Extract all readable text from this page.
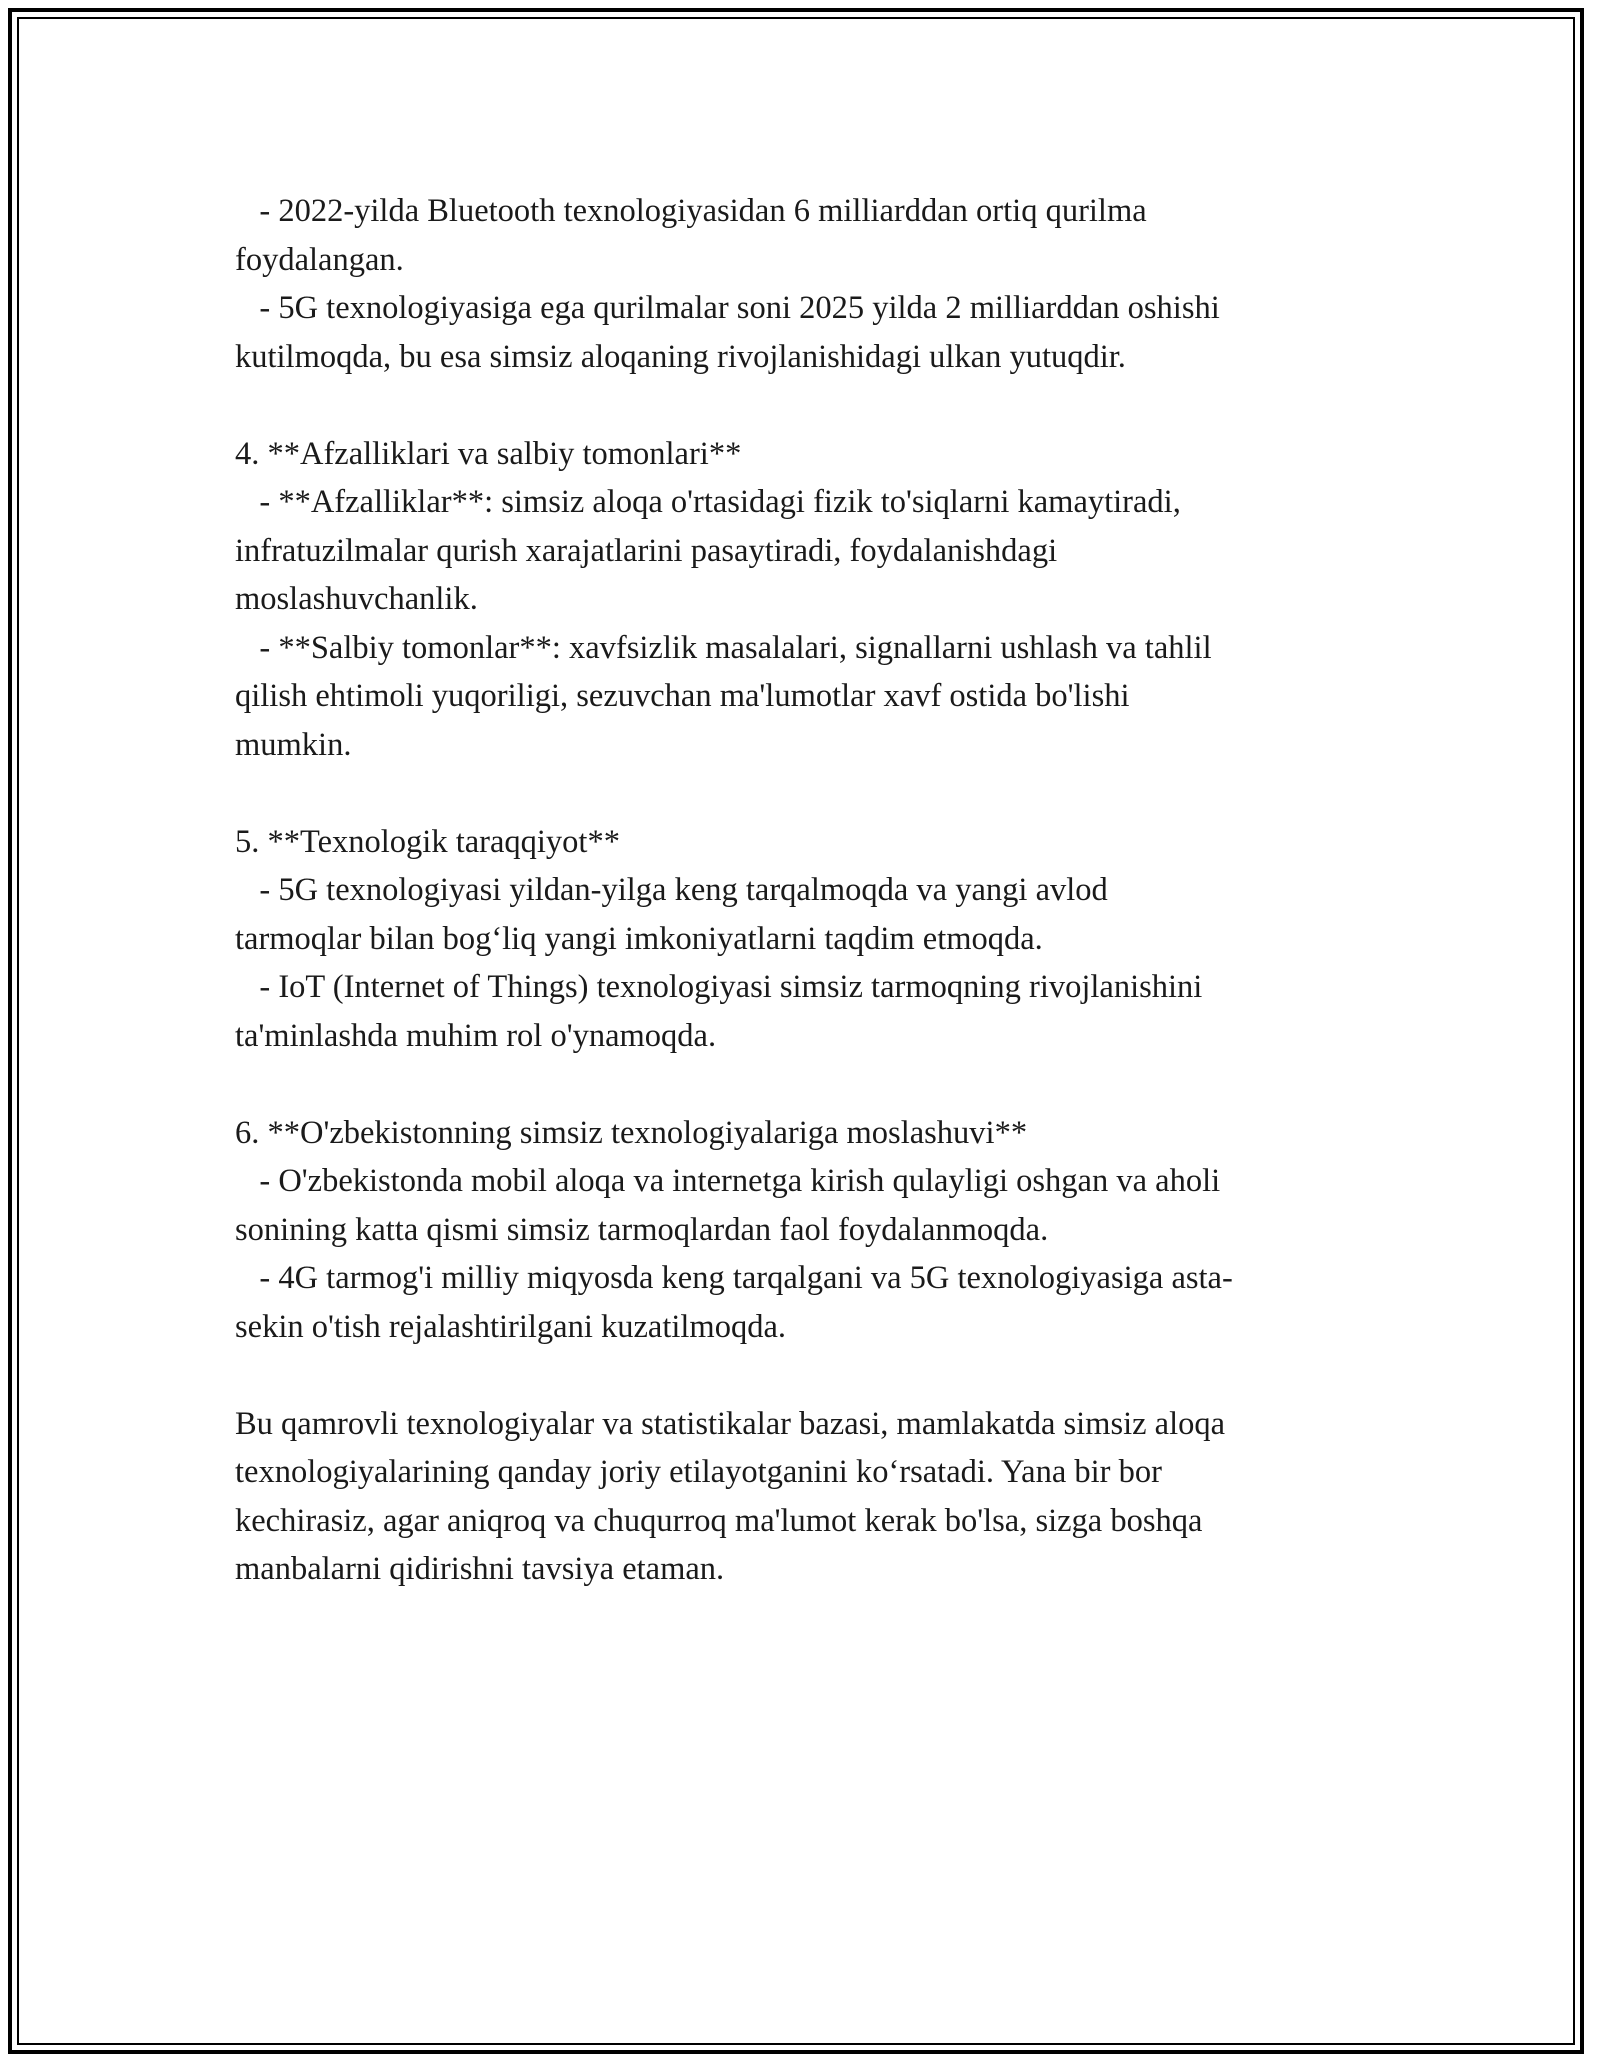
- 2022-yilda Bluetooth texnologiyasidan 6 milliarddan ortiq qurilma
foydalangan.
- 5G texnologiyasiga ega qurilmalar soni 2025 yilda 2 milliarddan oshishi
kutilmoqda, bu esa simsiz aloqaning rivojlanishidagi ulkan yutuqdir.
4. **Afzalliklari va salbiy tomonlari**
- **Afzalliklar**: simsiz aloqa o'rtasidagi fizik to'siqlarni kamaytiradi,
infratuzilmalar qurish xarajatlarini pasaytiradi, foydalanishdagi
moslashuvchanlik.
- **Salbiy tomonlar**: xavfsizlik masalalari, signallarni ushlash va tahlil
qilish ehtimoli yuqoriligi, sezuvchan ma'lumotlar xavf ostida bo'lishi
mumkin.
5. **Texnologik taraqqiyot**
- 5G texnologiyasi yildan-yilga keng tarqalmoqda va yangi avlod
tarmoqlar bilan bog‘liq yangi imkoniyatlarni taqdim etmoqda.
- IoT (Internet of Things) texnologiyasi simsiz tarmoqning rivojlanishini
ta'minlashda muhim rol o'ynamoqda.
6. **O'zbekistonning simsiz texnologiyalariga moslashuvi**
- O'zbekistonda mobil aloqa va internetga kirish qulayligi oshgan va aholi
sonining katta qismi simsiz tarmoqlardan faol foydalanmoqda.
- 4G tarmog'i milliy miqyosda keng tarqalgani va 5G texnologiyasiga asta-
sekin o'tish rejalashtirilgani kuzatilmoqda.
Bu qamrovli texnologiyalar va statistikalar bazasi, mamlakatda simsiz aloqa
texnologiyalarining qanday joriy etilayotganini ko‘rsatadi. Yana bir bor
kechirasiz, agar aniqroq va chuqurroq ma'lumot kerak bo'lsa, sizga boshqa
manbalarni qidirishni tavsiya etaman.
